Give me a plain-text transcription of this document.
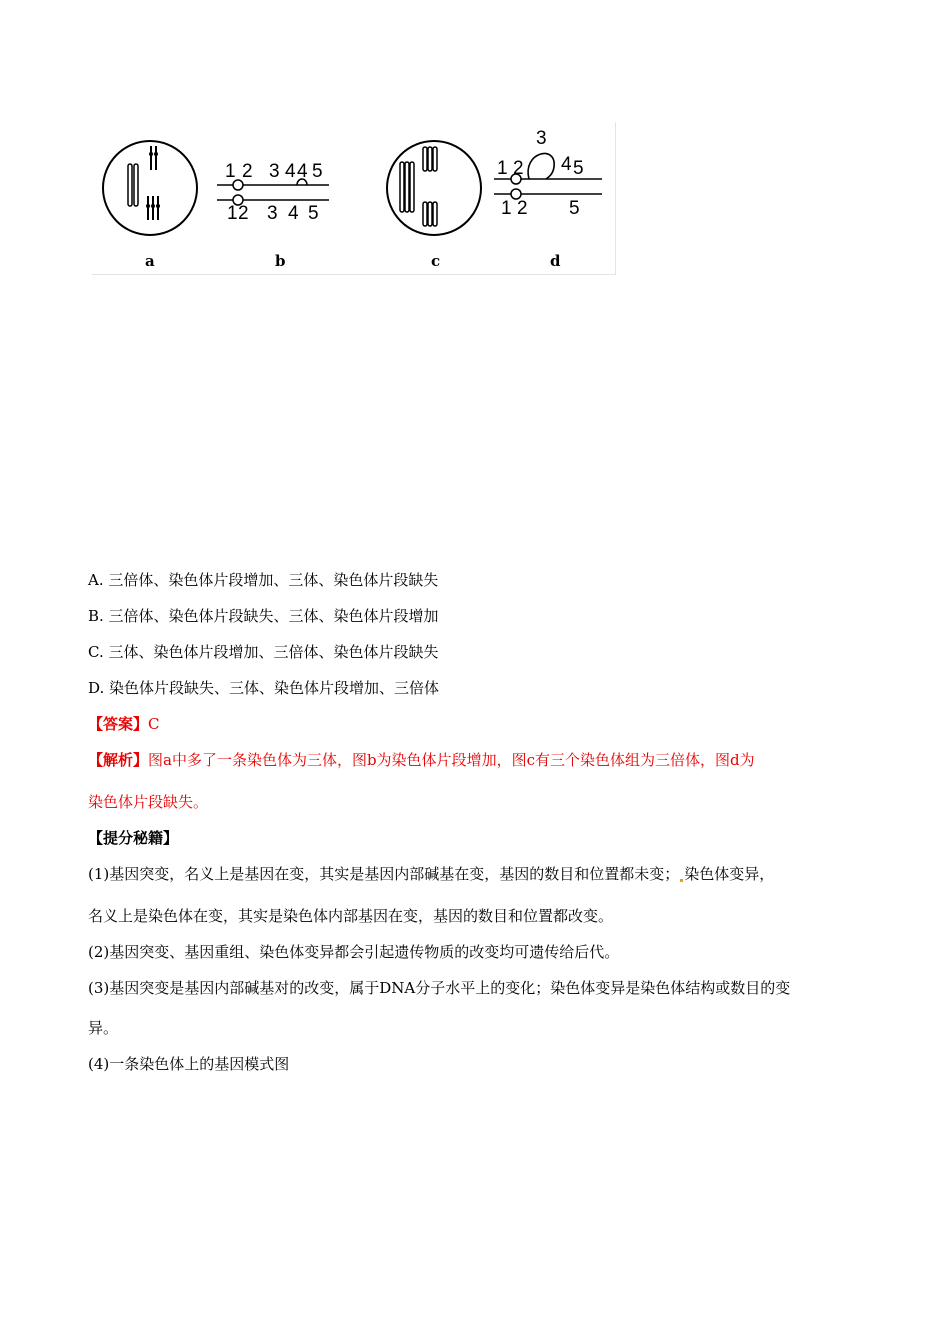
a
1 2 3 4 4 5
1 2 3 4 5
b	c
3
1 2 4 5
1 2 5
d
A. 三倍体、染色体片段增加、三体、染色体片段缺失
B. 三倍体、染色体片段缺失、三体、染色体片段增加
C. 三体、染色体片段增加、三倍体、染色体片段缺失
D. 染色体片段缺失、三体、染色体片段增加、三倍体
【答案】C
【解析】图a中多了一条染色体为三体，图b为染色体片段增加，图c有三个染色体组为三倍体，图d为
染色体片段缺失。
【提分秘籍】
(1)基因突变，名义上是基因在变，其实是基因内部碱基在变，基因的数目和位置都未变； 染色体变异，
名义上是染色体在变，其实是染色体内部基因在变，基因的数目和位置都改变。
(2)基因突变、基因重组、染色体变异都会引起遗传物质的改变均可遗传给后代。
(3)基因突变是基因内部碱基对的改变，属于DNA分子水平上的变化；染色体变异是染色体结构或数目的变
异。
(4)一条染色体上的基因模式图
